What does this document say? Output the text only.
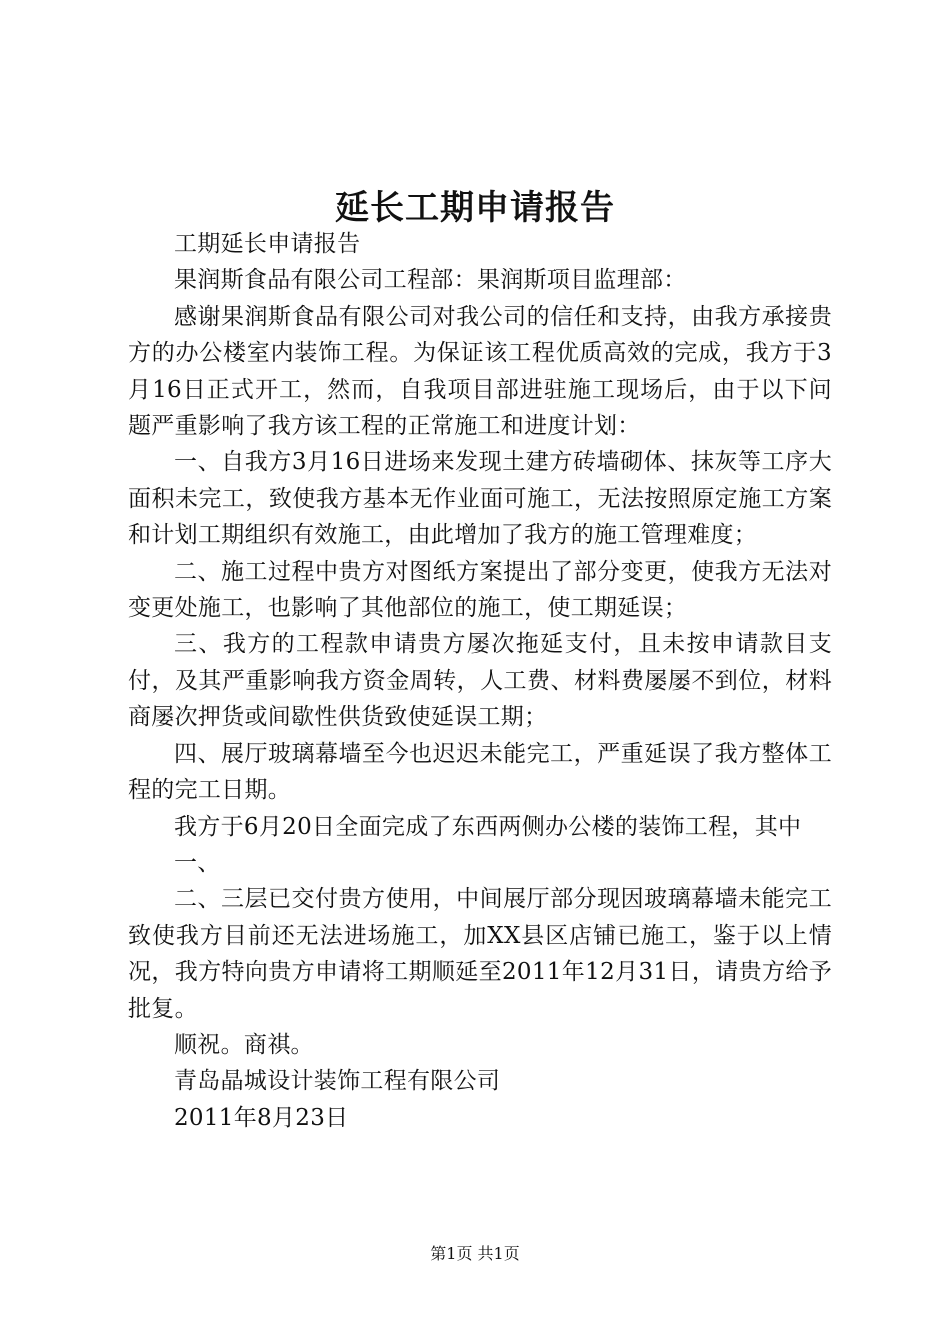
延长工期申请报告

工期延长申请报告

果润斯食品有限公司工程部：果润斯项目监理部：

感谢果润斯食品有限公司对我公司的信任和支持，由我方承接贵方的办公楼室内装饰工程。为保证该工程优质高效的完成，我方于3月16日正式开工，然而，自我项目部进驻施工现场后，由于以下问题严重影响了我方该工程的正常施工和进度计划：

一、自我方3月16日进场来发现土建方砖墙砌体、抹灰等工序大面积未完工，致使我方基本无作业面可施工，无法按照原定施工方案和计划工期组织有效施工，由此增加了我方的施工管理难度；

二、施工过程中贵方对图纸方案提出了部分变更，使我方无法对变更处施工，也影响了其他部位的施工，使工期延误；

三、我方的工程款申请贵方屡次拖延支付，且未按申请款目支付，及其严重影响我方资金周转，人工费、材料费屡屡不到位，材料商屡次押货或间歇性供货致使延误工期；

四、展厅玻璃幕墙至今也迟迟未能完工，严重延误了我方整体工程的完工日期。

我方于6月20日全面完成了东西两侧办公楼的装饰工程，其中

一、

二、三层已交付贵方使用，中间展厅部分现因玻璃幕墙未能完工致使我方目前还无法进场施工，加XX县区店铺已施工，鉴于以上情况，我方特向贵方申请将工期顺延至2011年12月31日，请贵方给予批复。

顺祝。商祺。

青岛晶城设计装饰工程有限公司

2011年8月23日

第1页 共1页
